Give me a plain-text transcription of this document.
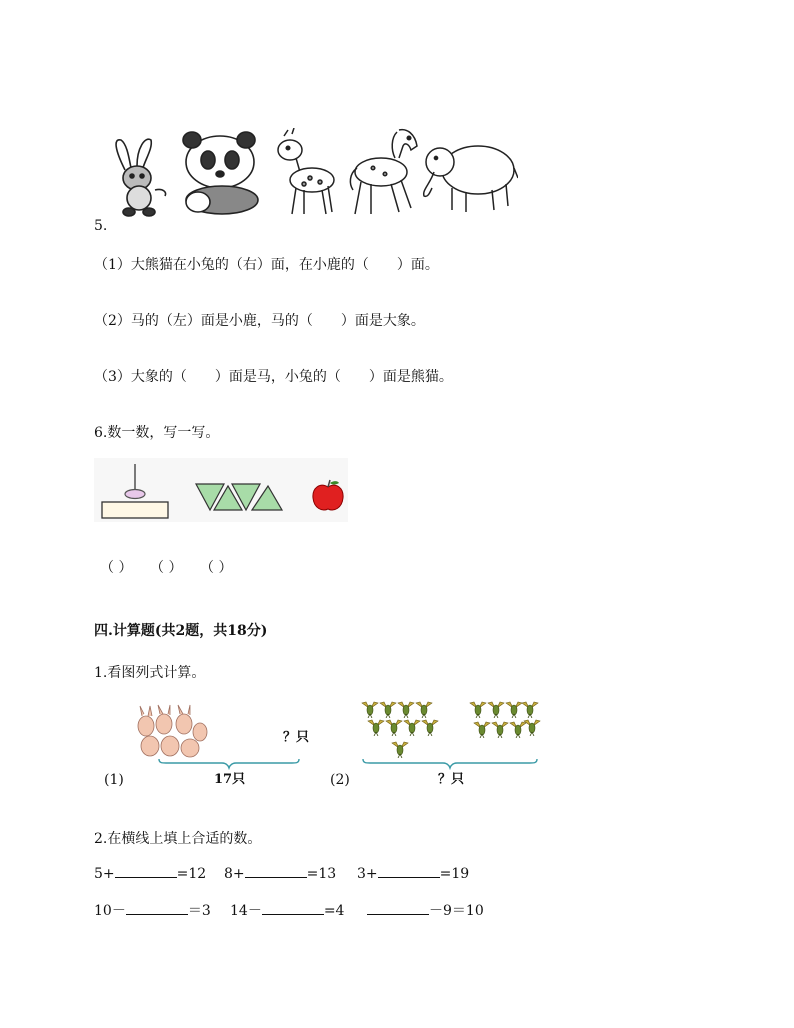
5.
（1）大熊猫在小兔的（右）面，在小鹿的（　　）面。
（2）马的（左）面是小鹿，马的（　　）面是大象。
（3）大象的（　　）面是马，小兔的（　　）面是熊猫。
6.数一数，写一写。
（ ） （ ） （ ）
四.计算题(共2题，共18分)
1.看图列式计算。
？只
(1)	17只	(2)	？只
2.在横线上填上合适的数。
5+	=12 8+	=13 3+	=19
10－	＝3 14－	=4	－9＝10
